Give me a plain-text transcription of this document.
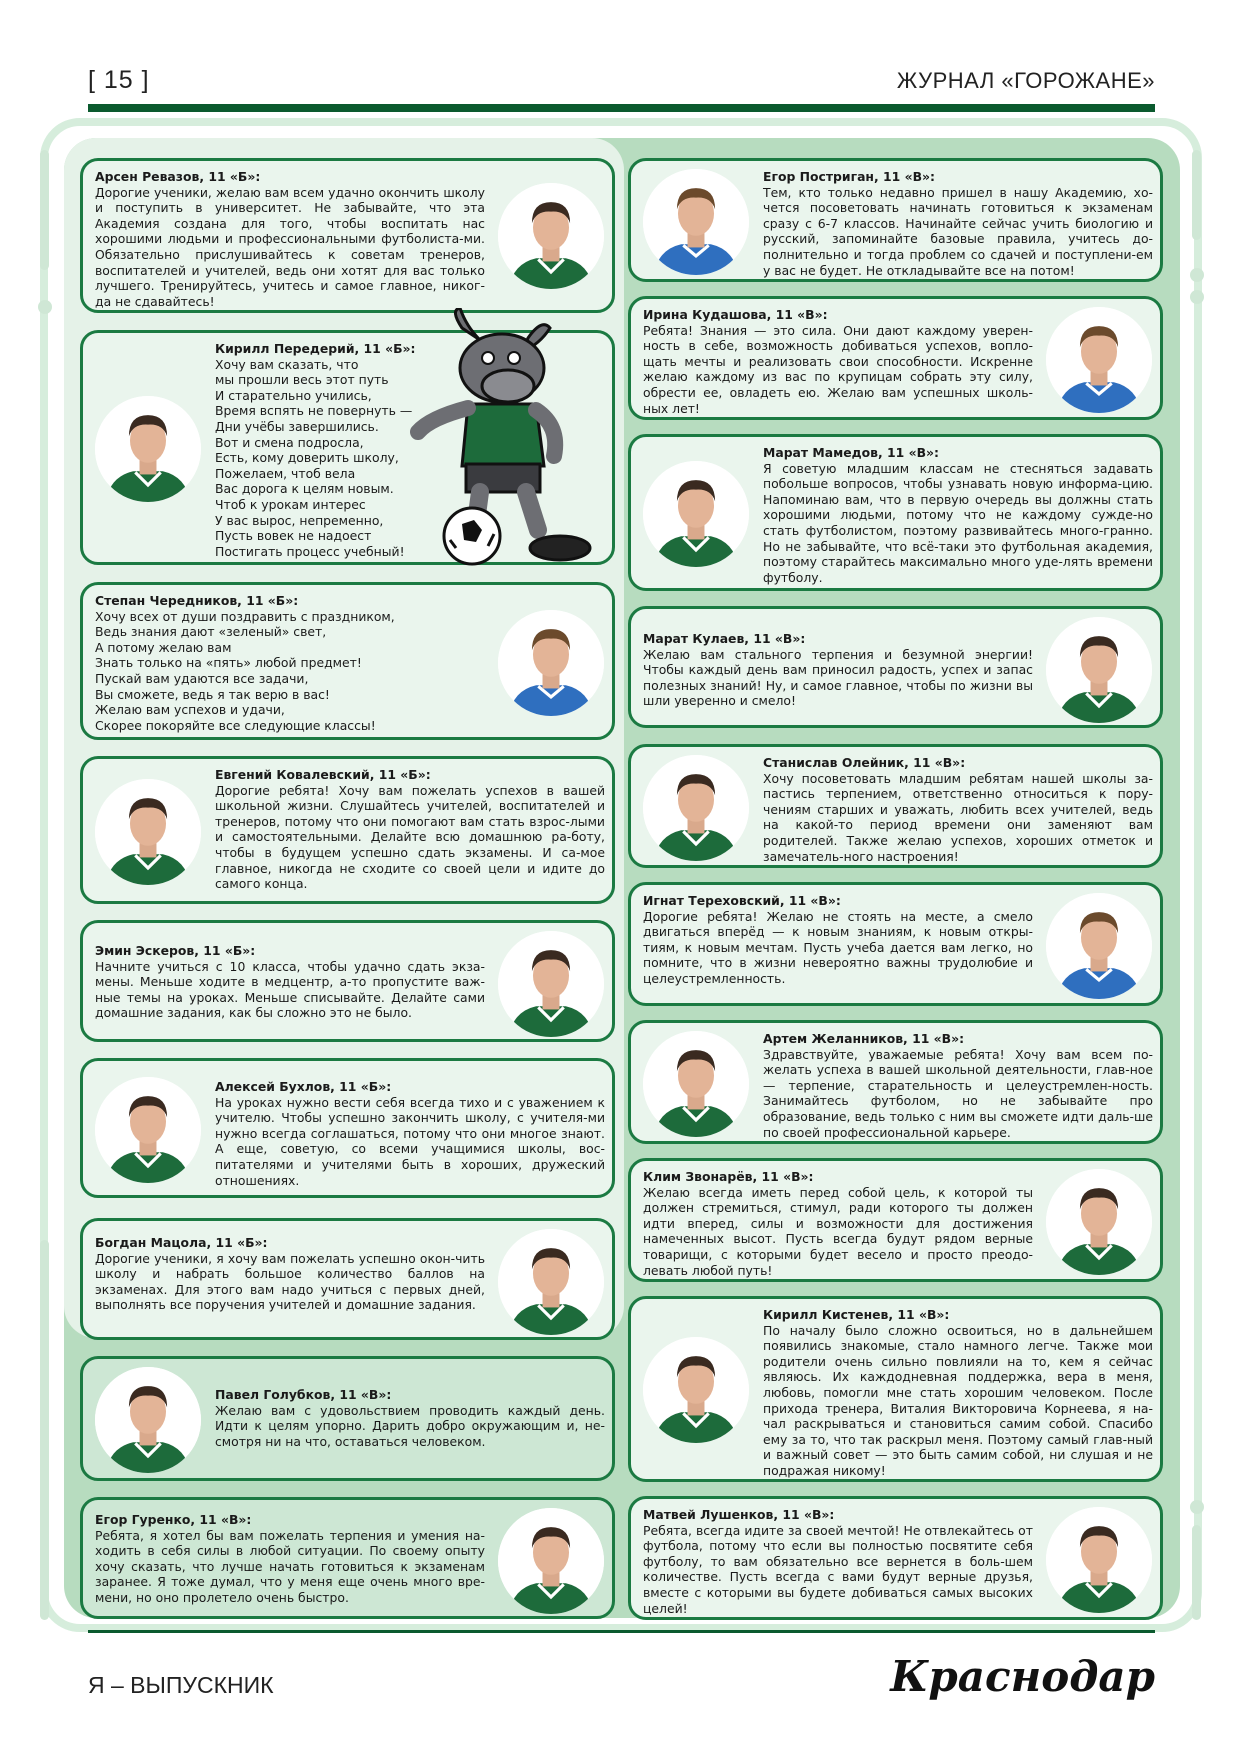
[ 15 ]	ЖУРНАЛ «ГОРОЖАНЕ»
Арсен Ревазов, 11 «Б»:
Дорогие ученики, желаю вам всем удачно окончить школу и поступить в университет. Не забывайте, что эта Академия создана для того, чтобы воспитать нас хорошими людьми и профессиональными футболиста-ми. Обязательно прислушивайтесь к советам тренеров, воспитателей и учителей, ведь они хотят для вас только лучшего. Тренируйтесь, учитесь и самое главное, никог-да не сдавайтесь!
Кирилл Передерий, 11 «Б»:
Хочу вам сказать, что
мы прошли весь этот путь
И старательно учились,
Время вспять не повернуть —
Дни учёбы завершились.
Вот и смена подросла,
Есть, кому доверить школу,
Пожелаем, чтоб вела
Вас дорога к целям новым.
Чтоб к урокам интерес
У вас вырос, непременно,
Пусть вовек не надоест
Постигать процесс учебный!
Степан Чередников, 11 «Б»:
Хочу всех от души поздравить с праздником,
Ведь знания дают «зеленый» свет,
А потому желаю вам
Знать только на «пять» любой предмет!
Пускай вам удаются все задачи,
Вы сможете, ведь я так верю в вас!
Желаю вам успехов и удачи,
Скорее покоряйте все следующие классы!
Евгений Ковалевский, 11 «Б»:
Дорогие ребята! Хочу вам пожелать успехов в вашей школьной жизни. Слушайтесь учителей, воспитателей и тренеров, потому что они помогают вам стать взрос-лыми и самостоятельными. Делайте всю домашнюю ра-боту, чтобы в будущем успешно сдать экзамены. И са-мое главное, никогда не сходите со своей цели и идите до самого конца.
Эмин Эскеров, 11 «Б»:
Начните учиться с 10 класса, чтобы удачно сдать экза-мены. Меньше ходите в медцентр, а-то пропустите важ-ные темы на уроках. Меньше списывайте. Делайте сами домашние задания, как бы сложно это не было.
Алексей Бухлов, 11 «Б»:
На уроках нужно вести себя всегда тихо и с уважением к учителю. Чтобы успешно закончить школу, с учителя-ми нужно всегда соглашаться, потому что они многое знают. А еще, советую, со всеми учащимися школы, вос-питателями и учителями быть в хороших, дружеский отношениях.
Богдан Мацола, 11 «Б»:
Дорогие ученики, я хочу вам пожелать успешно окон-чить школу и набрать большое количество баллов на экзаменах. Для этого вам надо учиться с первых дней, выполнять все поручения учителей и домашние задания.
Павел Голубков, 11 «В»:
Желаю вам с удовольствием проводить каждый день. Идти к целям упорно. Дарить добро окружающим и, не-смотря ни на что, оставаться человеком.
Егор Гуренко, 11 «В»:
Ребята, я хотел бы вам пожелать терпения и умения на-ходить в себя силы в любой ситуации. По своему опыту хочу сказать, что лучше начать готовиться к экзаменам заранее. Я тоже думал, что у меня еще очень много вре-мени, но оно пролетело очень быстро.
Егор Постриган, 11 «В»:
Тем, кто только недавно пришел в нашу Академию, хо-чется посоветовать начинать готовиться к экзаменам сразу с 6-7 классов. Начинайте сейчас учить биологию и русский, запоминайте базовые правила, учитесь до-полнительно и тогда проблем со сдачей и поступлени-ем у вас не будет. Не откладывайте все на потом!
Ирина Кудашова, 11 «В»:
Ребята! Знания — это сила. Они дают каждому уверен-ность в себе, возможность добиваться успехов, вопло-щать мечты и реализовать свои способности. Искренне желаю каждому из вас по крупицам собрать эту силу, обрести ее, овладеть ею. Желаю вам успешных школь-ных лет!
Марат Мамедов, 11 «В»:
Я советую младшим классам не стесняться задавать побольше вопросов, чтобы узнавать новую информа-цию. Напоминаю вам, что в первую очередь вы должны стать хорошими людьми, потому что не каждому сужде-но стать футболистом, поэтому развивайтесь много-гранно. Но не забывайте, что всё-таки это футбольная академия, поэтому старайтесь максимально много уде-лять времени футболу.
Марат Кулаев, 11 «В»:
Желаю вам стального терпения и безумной энергии! Чтобы каждый день вам приносил радость, успех и запас полезных знаний! Ну, и самое главное, чтобы по жизни вы шли уверенно и смело!
Станислав Олейник, 11 «В»:
Хочу посоветовать младшим ребятам нашей школы за-пастись терпением, ответственно относиться к пору-чениям старших и уважать, любить всех учителей, ведь на какой-то период времени они заменяют вам родителей. Также желаю успехов, хороших отметок и замечатель-ного настроения!
Игнат Тереховский, 11 «В»:
Дорогие ребята! Желаю не стоять на месте, а смело двигаться вперёд — к новым знаниям, к новым откры-тиям, к новым мечтам. Пусть учеба дается вам легко, но помните, что в жизни невероятно важны трудолюбие и целеустремленность.
Артем Желанников, 11 «В»:
Здравствуйте, уважаемые ребята! Хочу вам всем по-желать успеха в вашей школьной деятельности, глав-ное — терпение, старательность и целеустремлен-ность. Занимайтесь футболом, но не забывайте про образование, ведь только с ним вы сможете идти даль-ше по своей профессиональной карьере.
Клим Звонарёв, 11 «В»:
Желаю всегда иметь перед собой цель, к которой ты должен стремиться, стимул, ради которого ты должен идти вперед, силы и возможности для достижения намеченных высот. Пусть всегда будут рядом верные товарищи, с которыми будет весело и просто преодо-левать любой путь!
Кирилл Кистенев, 11 «В»:
По началу было сложно освоиться, но в дальнейшем появились знакомые, стало намного легче. Также мои родители очень сильно повлияли на то, кем я сейчас являюсь. Их каждодневная поддержка, вера в меня, любовь, помогли мне стать хорошим человеком. После прихода тренера, Виталия Викторовича Корнеева, я на-чал раскрываться и становиться самим собой. Спасибо ему за то, что так раскрыл меня. Поэтому самый глав-ный и важный совет — это быть самим собой, ни слушая и не подражая никому!
Матвей Лушенков, 11 «В»:
Ребята, всегда идите за своей мечтой! Не отвлекайтесь от футбола, потому что если вы полностью посвятите себя футболу, то вам обязательно все вернется в боль-шем количестве. Пусть всегда с вами будут верные друзья, вместе с которыми вы будете добиваться самых высоких целей!
Я – ВЫПУСКНИК	Краснодар
